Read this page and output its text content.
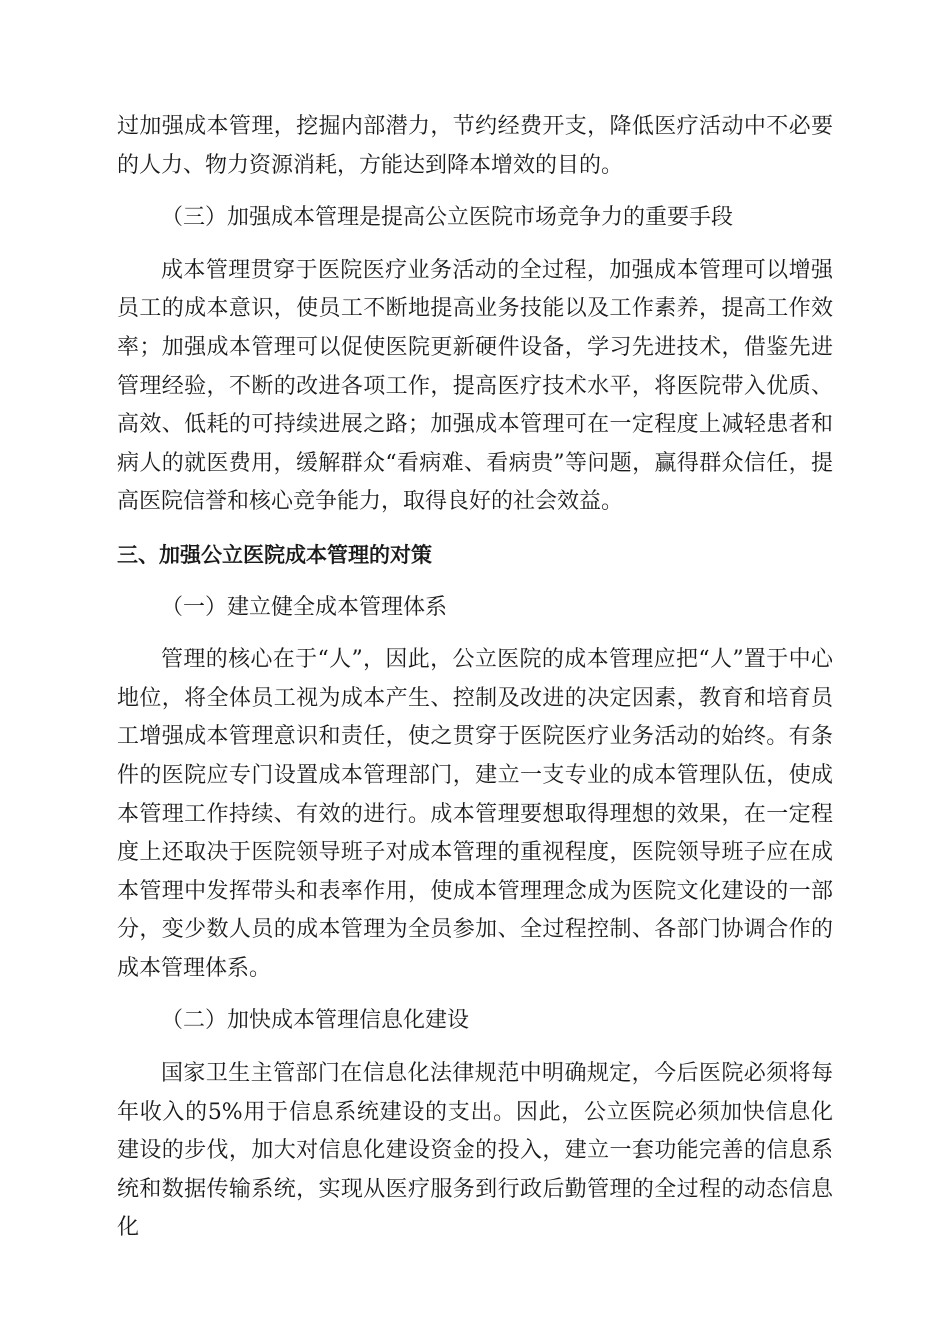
过加强成本管理，挖掘内部潜力，节约经费开支，降低医疗活动中不必要的人力、物力资源消耗，方能达到降本增效的目的。

（三）加强成本管理是提高公立医院市场竞争力的重要手段

成本管理贯穿于医院医疗业务活动的全过程，加强成本管理可以增强员工的成本意识，使员工不断地提高业务技能以及工作素养，提高工作效率；加强成本管理可以促使医院更新硬件设备，学习先进技术，借鉴先进管理经验，不断的改进各项工作，提高医疗技术水平，将医院带入优质、高效、低耗的可持续进展之路；加强成本管理可在一定程度上减轻患者和病人的就医费用，缓解群众“看病难、看病贵”等问题，赢得群众信任，提高医院信誉和核心竞争能力，取得良好的社会效益。

三、加强公立医院成本管理的对策

（一）建立健全成本管理体系

管理的核心在于“人”，因此，公立医院的成本管理应把“人”置于中心地位，将全体员工视为成本产生、控制及改进的决定因素，教育和培育员工增强成本管理意识和责任，使之贯穿于医院医疗业务活动的始终。有条件的医院应专门设置成本管理部门，建立一支专业的成本管理队伍，使成本管理工作持续、有效的进行。成本管理要想取得理想的效果，在一定程度上还取决于医院领导班子对成本管理的重视程度，医院领导班子应在成本管理中发挥带头和表率作用，使成本管理理念成为医院文化建设的一部分，变少数人员的成本管理为全员参加、全过程控制、各部门协调合作的成本管理体系。

（二）加快成本管理信息化建设

国家卫生主管部门在信息化法律规范中明确规定，今后医院必须将每年收入的5%用于信息系统建设的支出。因此，公立医院必须加快信息化建设的步伐，加大对信息化建设资金的投入，建立一套功能完善的信息系统和数据传输系统，实现从医疗服务到行政后勤管理的全过程的动态信息化
